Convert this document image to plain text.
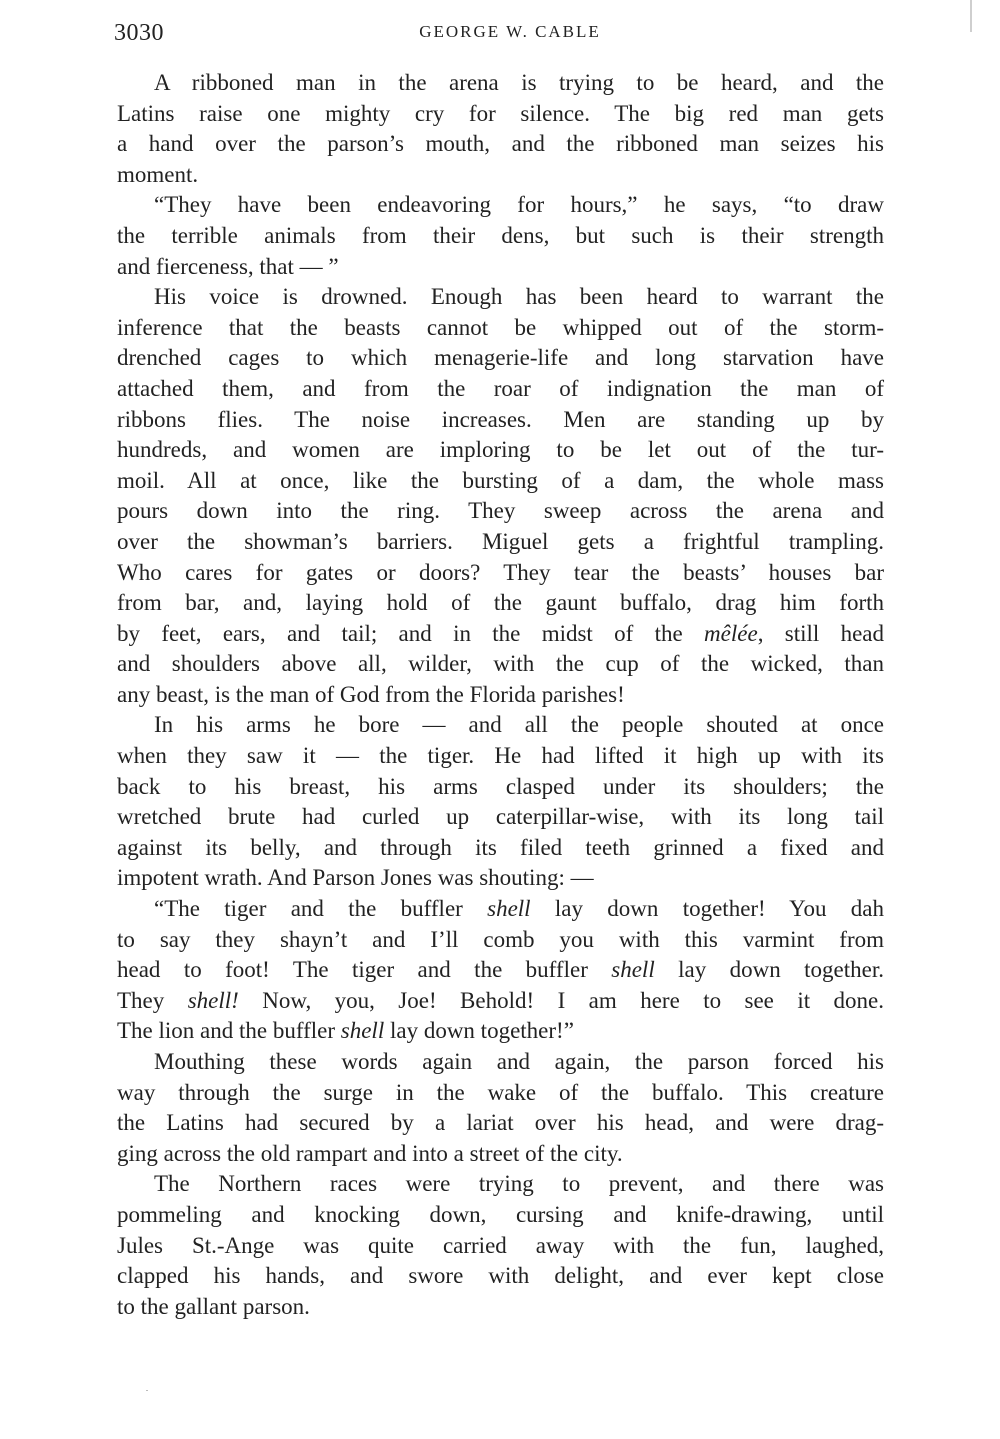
3030	GEORGE W. CABLE
A ribboned man in the arena is trying to be heard, and the
Latins raise one mighty cry for silence. The big red man gets
a hand over the parson’s mouth, and the ribboned man seizes his
moment.
“They have been endeavoring for hours,” he says, “to draw
the terrible animals from their dens, but such is their strength
and fierceness, that — ”
His voice is drowned. Enough has been heard to warrant the
inference that the beasts cannot be whipped out of the storm-
drenched cages to which menagerie-life and long starvation have
attached them, and from the roar of indignation the man of
ribbons flies. The noise increases. Men are standing up by
hundreds, and women are imploring to be let out of the tur-
moil. All at once, like the bursting of a dam, the whole mass
pours down into the ring. They sweep across the arena and
over the showman’s barriers. Miguel gets a frightful trampling.
Who cares for gates or doors? They tear the beasts’ houses bar
from bar, and, laying hold of the gaunt buffalo, drag him forth
by feet, ears, and tail; and in the midst of the mêlée, still head
and shoulders above all, wilder, with the cup of the wicked, than
any beast, is the man of God from the Florida parishes!
In his arms he bore — and all the people shouted at once
when they saw it — the tiger. He had lifted it high up with its
back to his breast, his arms clasped under its shoulders; the
wretched brute had curled up caterpillar-wise, with its long tail
against its belly, and through its filed teeth grinned a fixed and
impotent wrath. And Parson Jones was shouting: —
“The tiger and the buffler shell lay down together! You dah
to say they shayn’t and I’ll comb you with this varmint from
head to foot! The tiger and the buffler shell lay down together.
They shell! Now, you, Joe! Behold! I am here to see it done.
The lion and the buffler shell lay down together!”
Mouthing these words again and again, the parson forced his
way through the surge in the wake of the buffalo. This creature
the Latins had secured by a lariat over his head, and were drag-
ging across the old rampart and into a street of the city.
The Northern races were trying to prevent, and there was
pommeling and knocking down, cursing and knife-drawing, until
Jules St.-Ange was quite carried away with the fun, laughed,
clapped his hands, and swore with delight, and ever kept close
to the gallant parson.
